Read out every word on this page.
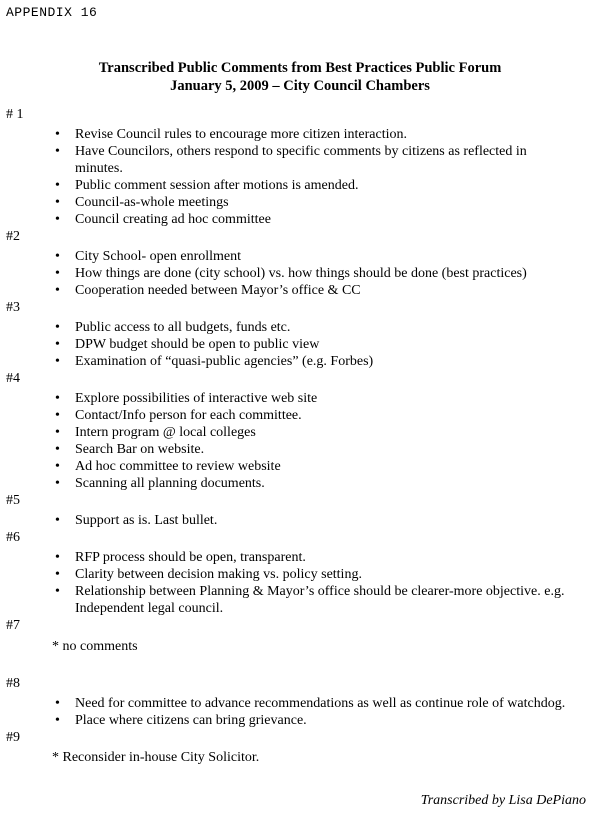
APPENDIX 16
Transcribed Public Comments from Best Practices Public Forum
January 5, 2009 – City Council Chambers
# 1
• Revise Council rules to encourage more citizen interaction.
• Have Councilors, others respond to specific comments by citizens as reflected in minutes.
• Public comment session after motions is amended.
• Council-as-whole meetings
• Council creating ad hoc committee
#2
• City School- open enrollment
• How things are done (city school) vs. how things should be done (best practices)
• Cooperation needed between Mayor’s office & CC
#3
• Public access to all budgets, funds etc.
• DPW budget should be open to public view
• Examination of “quasi-public agencies” (e.g. Forbes)
#4
• Explore possibilities of interactive web site
• Contact/Info person for each committee.
• Intern program @ local colleges
• Search Bar on website.
• Ad hoc committee to review website
• Scanning all planning documents.
#5
• Support as is. Last bullet.
#6
• RFP process should be open, transparent.
• Clarity between decision making vs. policy setting.
• Relationship between Planning & Mayor’s office should be clearer-more objective. e.g. Independent legal council.
#7
* no comments
#8
• Need for committee to advance recommendations as well as continue role of watchdog.
• Place where citizens can bring grievance.
#9
* Reconsider in-house City Solicitor.
Transcribed by Lisa DePiano
